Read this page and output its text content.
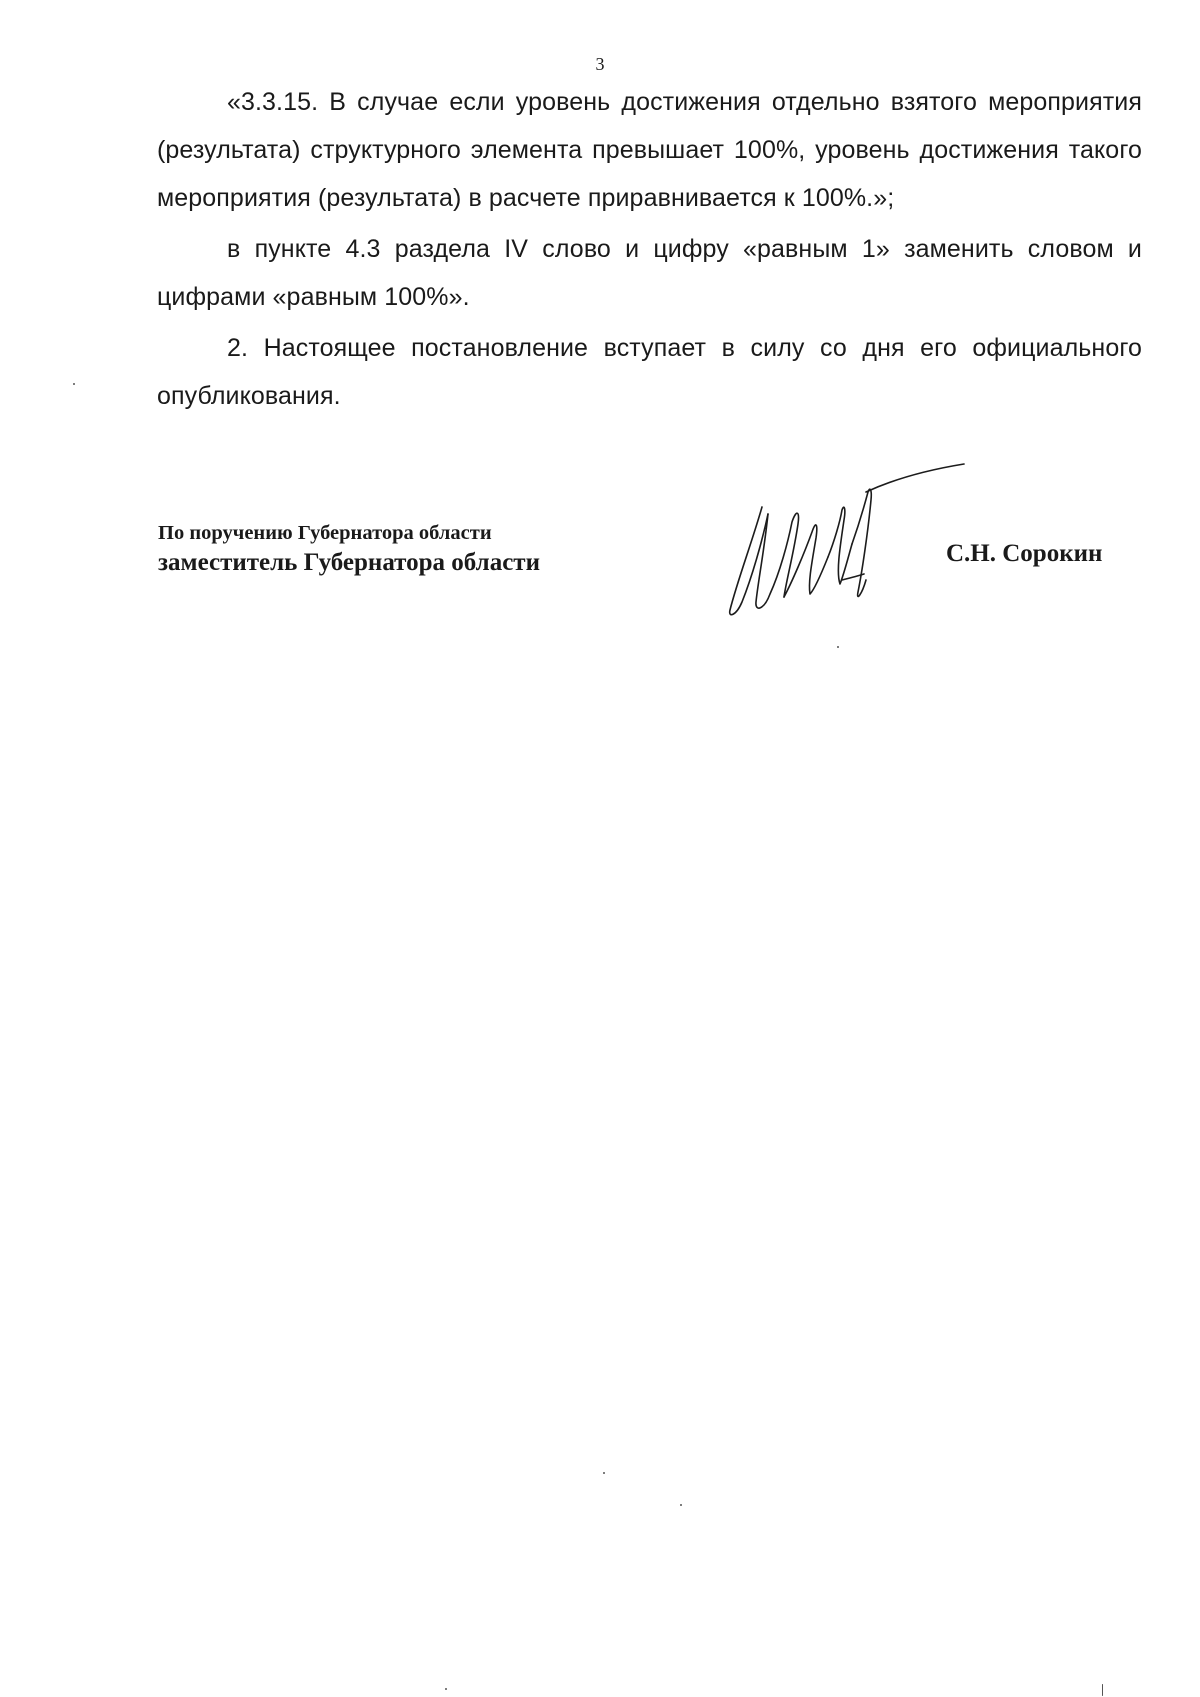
3

«3.3.15. В случае если уровень достижения отдельно взятого мероприятия (результата) структурного элемента превышает 100%, уровень достижения такого мероприятия (результата) в расчете приравнивается к 100%.»;

в пункте 4.3 раздела IV слово и цифру «равным 1» заменить словом и цифрами «равным 100%».

2. Настоящее постановление вступает в силу со дня его официального опубликования.

По поручению Губернатора области
заместитель Губернатора области	С.Н. Сорокин
